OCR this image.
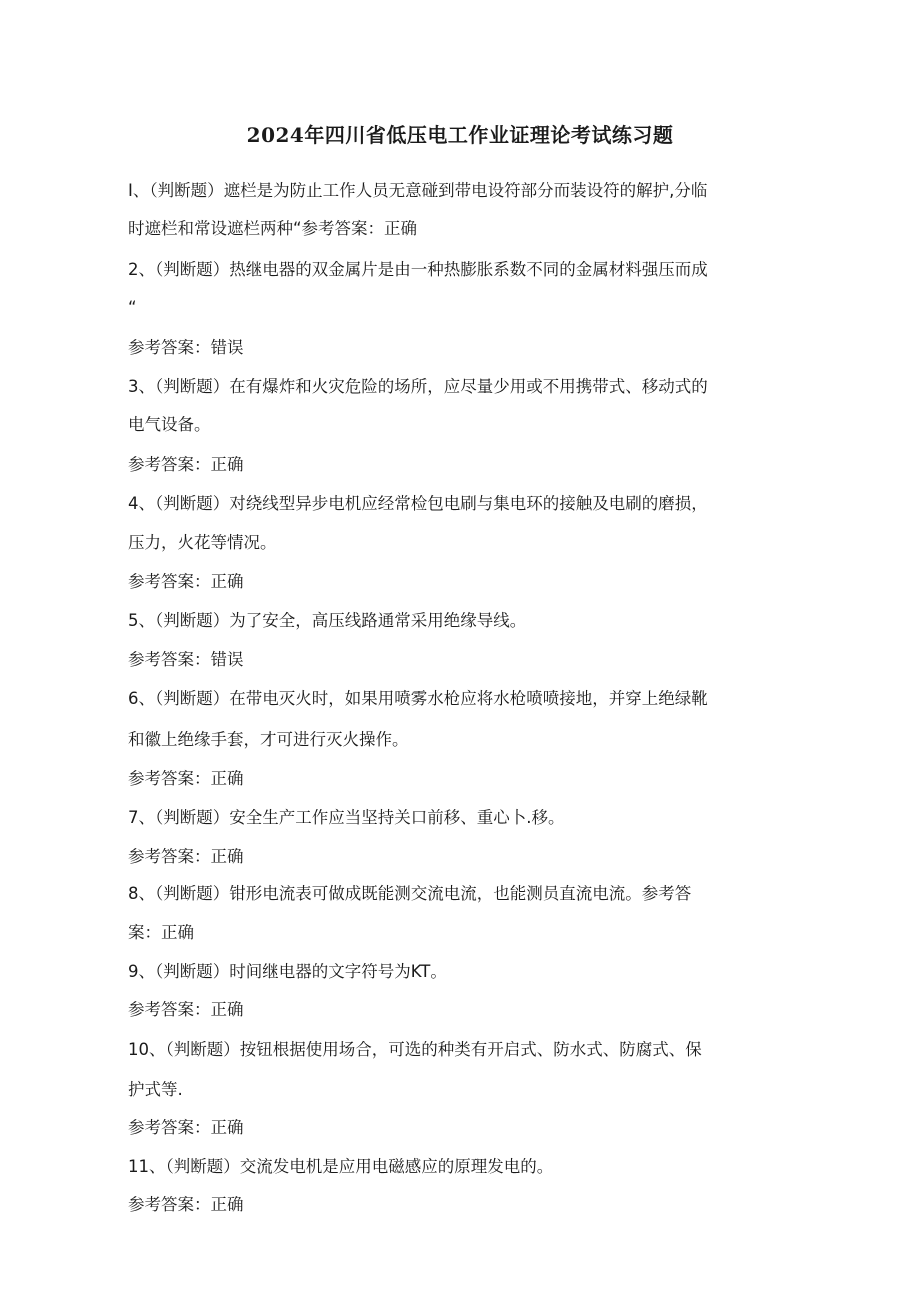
2024年四川省低压电工作业证理论考试练习题
I、（判断题）遮栏是为防止工作人员无意碰到带电设符部分而装设符的解护,分临
时遮栏和常设遮栏两种“参考答案：正确
2、（判断题）热继电器的双金属片是由一种热膨胀系数不同的金属材料强压而成
“
参考答案：错误
3、（判断题）在有爆炸和火灾危险的场所，应尽量少用或不用携带式、移动式的
电气设备。
参考答案：正确
4、（判断题）对绕线型异步电机应经常检包电刷与集电环的接触及电刷的磨损，
压力，火花等情况。
参考答案：正确
5、（判断题）为了安全，高压线路通常采用绝缘导线。
参考答案：错误
6、（判断题）在带电灭火时，如果用喷雾水枪应将水枪喷喷接地，并穿上绝绿靴
和徽上绝缘手套，才可进行灭火操作。
参考答案：正确
7、（判断题）安全生产工作应当坚持关口前移、重心卜.移。
参考答案：正确
8、（判断题）钳形电流表可做成既能测交流电流，也能测员直流电流。参考答
案：正确
9、（判断题）时间继电器的文字符号为KT。
参考答案：正确
10、（判断题）按钮根据使用场合，可选的种类有开启式、防水式、防腐式、保
护式等.
参考答案：正确
11、（判断题）交流发电机是应用电磁感应的原理发电的。
参考答案：正确
